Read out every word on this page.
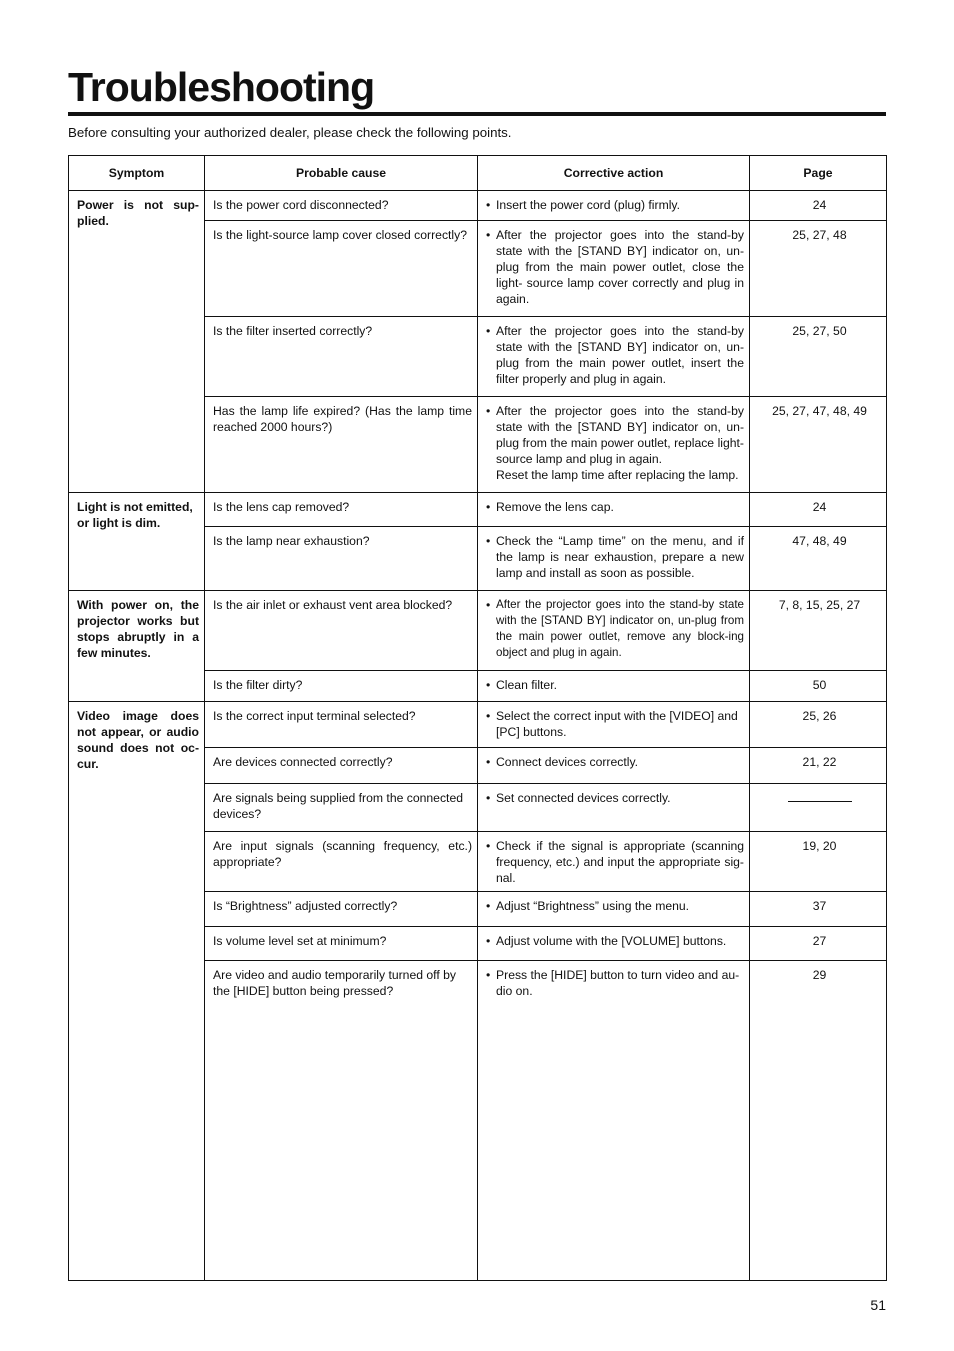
Troubleshooting
Before consulting your authorized dealer, please check the following points.
Symptom	Probable cause	Corrective action	Page
Power is not sup-plied.	Is the power cord disconnected?	• Insert the power cord (plug) firmly.	24
	Is the light-source lamp cover closed correctly?	• After the projector goes into the stand-by state with the [STAND BY] indicator on, un-plug from the main power outlet, close the light- source lamp cover correctly and plug in again.	25, 27, 48
	Is the filter inserted correctly?	• After the projector goes into the stand-by state with the [STAND BY] indicator on, un-plug from the main power outlet, insert the filter properly and plug in again.	25, 27, 50
	Has the lamp life expired? (Has the lamp time reached 2000 hours?)	• After the projector goes into the stand-by state with the [STAND BY] indicator on, un-plug from the main power outlet, replace light-source lamp and plug in again.
Reset the lamp time after replacing the lamp.	25, 27, 47, 48, 49
Light is not emitted, or light is dim.	Is the lens cap removed?	• Remove the lens cap.	24
	Is the lamp near exhaustion?	• Check the “Lamp time” on the menu, and if the lamp is near exhaustion, prepare a new lamp and install as soon as possible.	47, 48, 49
With power on, the projector works but stops abruptly in a few minutes.	Is the air inlet or exhaust vent area blocked?	• After the projector goes into the stand-by state with the [STAND BY] indicator on, un-plug from the main power outlet, remove any block-ing object and plug in again.	7, 8, 15, 25, 27
	Is the filter dirty?	• Clean filter.	50
Video image does not appear, or audio sound does not oc-cur.	Is the correct input terminal selected?	• Select the correct input with the [VIDEO] and [PC] buttons.	25, 26
	Are devices connected correctly?	• Connect devices correctly.	21, 22
	Are signals being supplied from the connected devices?	• Set connected devices correctly.	

	Are input signals (scanning frequency, etc.) appropriate?	• Check if the signal is appropriate (scanning frequency, etc.) and input the appropriate sig-nal.	19, 20
	Is “Brightness” adjusted correctly?	• Adjust “Brightness” using the menu.	37
	Is volume level set at minimum?	• Adjust volume with the [VOLUME] buttons.	27
	Are video and audio temporarily turned off by the [HIDE] button being pressed?	• Press the [HIDE] button to turn video and au-dio on.	29
51
